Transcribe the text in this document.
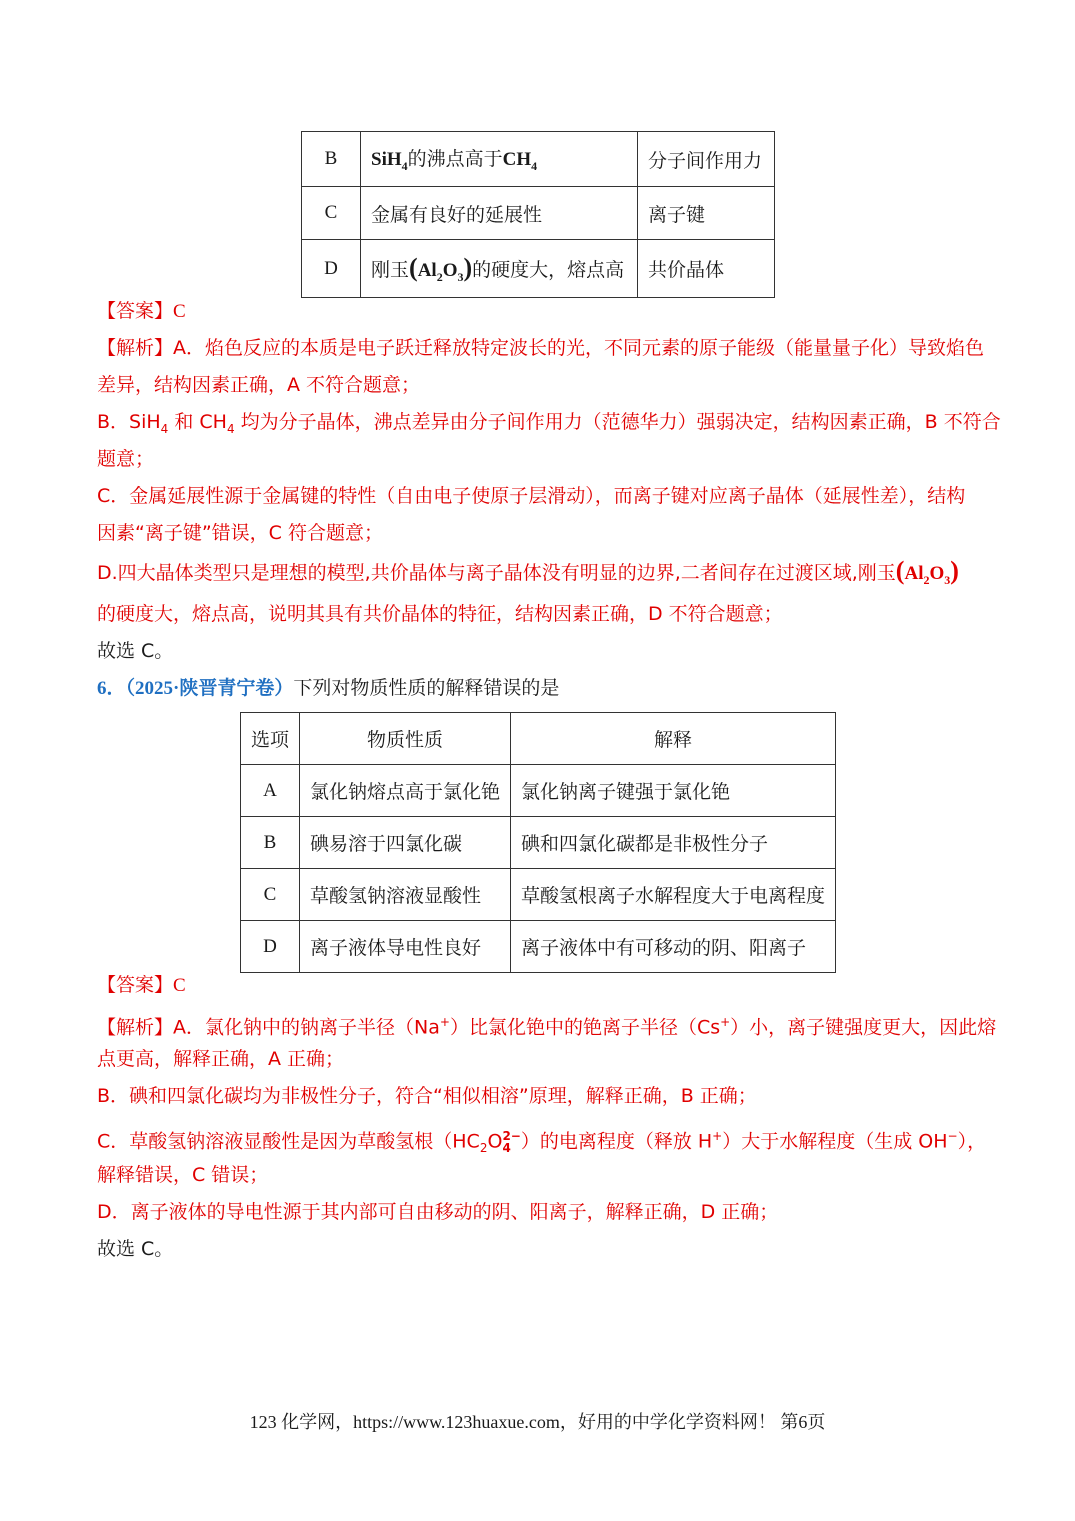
B	SiH$_4$的沸点高于$CH_4$	分子间作用力
C	金属有良好的延展性	离子键
D	刚玉$(Al_2O_3)$的硬度大，熔点高	共价晶体
【答案】C
【解析】A．焰色反应的本质是电子跃迁释放特定波长的光，不同元素的原子能级（能量量子化）导致焰色
差异，结构因素正确，A 不符合题意；
B．SiH$_4$ 和 $CH_4$ 均为分子晶体，沸点差异由分子间作用力（范德华力）强弱决定，结构因素正确，B 不符合
题意；
C．金属延展性源于金属键的特性（自由电子使原子层滑动），而离子键对应离子晶体（延展性差），结构
因素“离子键”错误，C 符合题意；
D.四大晶体类型只是理想的模型,共价晶体与离子晶体没有明显的边界,二者间存在过渡区域,刚玉$(Al_2O_3)$
的硬度大，熔点高，说明其具有共价晶体的特征，结构因素正确，D 不符合题意；
故选 C。
6．（2025·陕晋青宁卷）下列对物质性质的解释错误的是
选项	物质性质	解释
A	氯化钠熔点高于氯化铯	氯化钠离子键强于氯化铯
B	碘易溶于四氯化碳	碘和四氯化碳都是非极性分子
C	草酸氢钠溶液显酸性	草酸氢根离子水解程度大于电离程度
D	离子液体导电性良好	离子液体中有可移动的阴、阳离子
【答案】C
【解析】A．氯化钠中的钠离子半径（Na+）比氯化铯中的铯离子半径（Cs+）小，离子键强度更大，因此熔
点更高，解释正确，A 正确；
B．碘和四氯化碳均为非极性分子，符合“相似相溶”原理，解释正确，B 正确；
C．草酸氢钠溶液显酸性是因为草酸氢根（$HC_2O$ 2−
4 ）的电离程度（释放 H+）大于水解程度（生成 OH−），
解释错误，C 错误；
D．离子液体的导电性源于其内部可自由移动的阴、阳离子，解释正确，D 正确；
故选 C。
123 化学网，https://www.123huaxue.com，好用的中学化学资料网！ 第6页
